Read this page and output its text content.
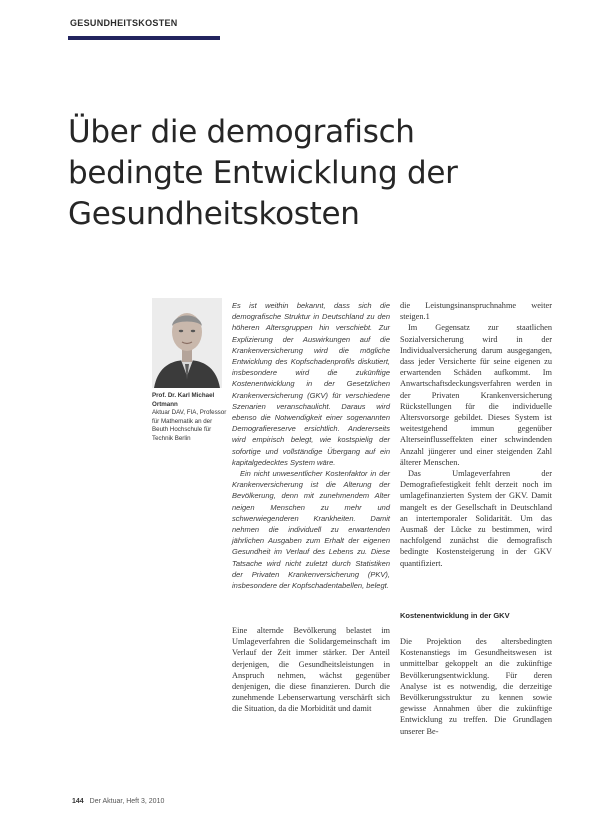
GESUNDHEITSKOSTEN
Über die demografisch bedingte Entwicklung der Gesundheitskosten
Prof. Dr. Karl Michael Ortmann
Aktuar DAV, FIA, Professor für Mathematik an der Beuth Hochschule für Technik Berlin

Es ist weithin bekannt, dass sich die demografische Struktur in Deutschland zu den höheren Altersgruppen hin verschiebt. Zur Explizierung der Auswirkungen auf die Krankenversicherung wird die mögliche Entwicklung des Kopfschadenprofils diskutiert, insbesondere wird die zukünftige Kostenentwicklung in der Gesetzlichen Krankenversicherung (GKV) für verschiedene Szenarien veranschaulicht. Daraus wird ebenso die Notwendigkeit einer sogenannten Demografiereserve ersichtlich. Andererseits wird empirisch belegt, wie kostspielig der sofortige und vollständige Übergang auf ein kapitalgedecktes System wäre.

Ein nicht unwesentlicher Kostenfaktor in der Krankenversicherung ist die Alterung der Bevölkerung, denn mit zunehmendem Alter neigen Menschen zu mehr und schwerwiegenderen Krankheiten. Damit nehmen die individuell zu erwartenden jährlichen Ausgaben zum Erhalt der eigenen Gesundheit im Verlauf des Lebens zu. Diese Tatsache wird nicht zuletzt durch Statistiken der Privaten Krankenversicherung (PKV), insbesondere der Kopfschadentabellen, belegt.

Eine alternde Bevölkerung belastet im Umlageverfahren die Solidargemeinschaft im Verlauf der Zeit immer stärker. Der Anteil derjenigen, die Gesundheitsleistungen in Anspruch nehmen, wächst gegenüber denjenigen, die diese finanzieren. Durch die zunehmende Lebenserwartung verschärft sich die Situation, da die Morbidität und damit

die Leistungsinanspruchnahme weiter steigen.1

Im Gegensatz zur staatlichen Sozialversicherung wird in der Individualversicherung darum ausgegangen, dass jeder Versicherte für seine eigenen zu erwartenden Schäden aufkommt. Im Anwartschaftsdeckungsverfahren werden in der Privaten Krankenversicherung Rückstellungen für die individuelle Altersvorsorge gebildet. Dieses System ist weitestgehend immun gegenüber Alterseinflusseffekten einer schwindenden Anzahl jüngerer und einer steigenden Zahl älterer Menschen.

Das Umlageverfahren der Demografiefestigkeit fehlt derzeit noch im umlagefinanzierten System der GKV. Damit mangelt es der Gesellschaft in Deutschland an intertemporaler Solidarität. Um das Ausmaß der Lücke zu bestimmen, wird nachfolgend zunächst die demografisch bedingte Kostensteigerung in der GKV quantifiziert.

Kostenentwicklung in der GKV

Die Projektion des altersbedingten Kostenanstiegs im Gesundheitswesen ist unmittelbar gekoppelt an die zukünftige Bevölkerungsentwicklung. Für deren Analyse ist es notwendig, die derzeitige Bevölkerungsstruktur zu kennen sowie gewisse Annahmen über die zukünftige Entwicklung zu treffen. Die Grundlagen unserer Be-

144 Der Aktuar, Heft 3, 2010
